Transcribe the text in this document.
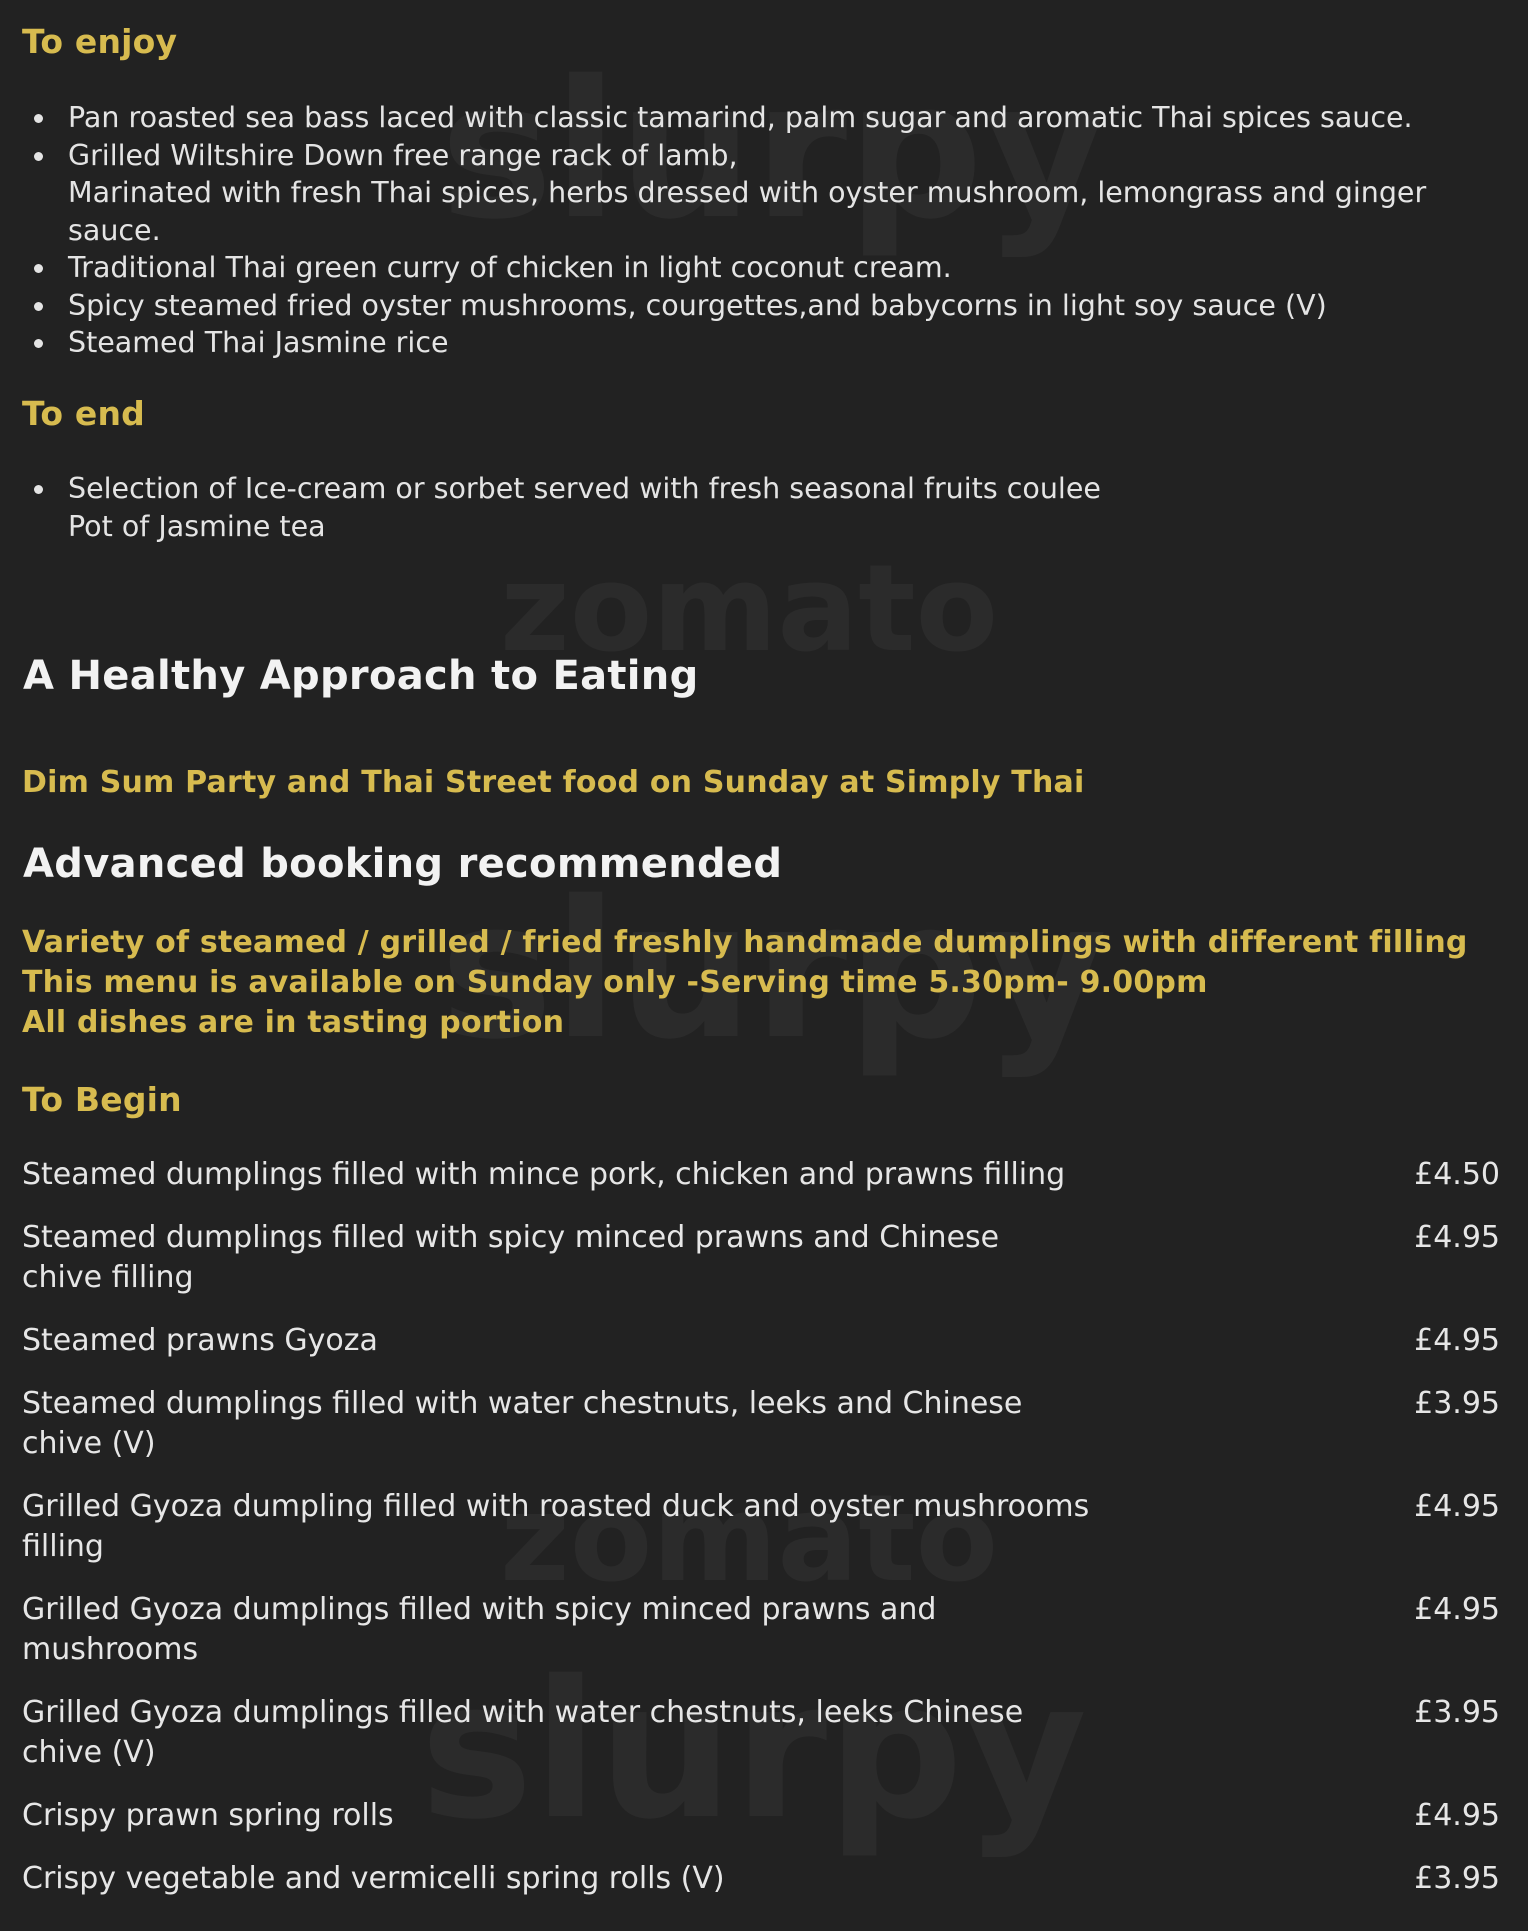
To enjoy
Pan roasted sea bass laced with classic tamarind, palm sugar and aromatic Thai spices sauce.
Grilled Wiltshire Down free range rack of lamb,
Marinated with fresh Thai spices, herbs dressed with oyster mushroom, lemongrass and ginger sauce.
Traditional Thai green curry of chicken in light coconut cream.
Spicy steamed fried oyster mushrooms, courgettes,and babycorns in light soy sauce (V)
Steamed Thai Jasmine rice
To end
Selection of Ice-cream or sorbet served with fresh seasonal fruits coulee
Pot of Jasmine tea
A Healthy Approach to Eating
Dim Sum Party and Thai Street food on Sunday at Simply Thai
Advanced booking recommended
Variety of steamed / grilled / fried freshly handmade dumplings with different filling
This menu is available on Sunday only -Serving time 5.30pm- 9.00pm
All dishes are in tasting portion
To Begin
Steamed dumplings filled with mince pork, chicken and prawns filling	£4.50
Steamed dumplings filled with spicy minced prawns and Chinese
chive filling
£4.95
Steamed prawns Gyoza	£4.95
Steamed dumplings filled with water chestnuts, leeks and Chinese
chive (V)
£3.95
Grilled Gyoza dumpling filled with roasted duck and oyster mushrooms
filling
£4.95
Grilled Gyoza dumplings filled with spicy minced prawns and
mushrooms
£4.95
Grilled Gyoza dumplings filled with water chestnuts, leeks Chinese
chive (V)
£3.95
Crispy prawn spring rolls	£4.95
Crispy vegetable and vermicelli spring rolls (V)	£3.95
